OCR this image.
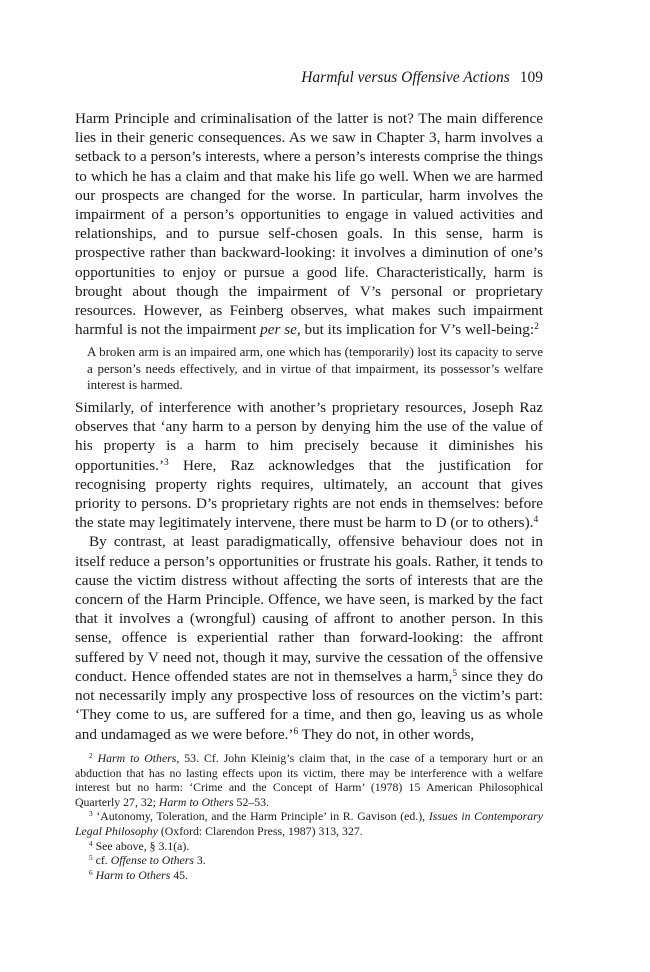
Harmful versus Offensive Actions 109

Harm Principle and criminalisation of the latter is not? The main difference lies in their generic consequences. As we saw in Chapter 3, harm involves a setback to a person’s interests, where a person’s interests comprise the things to which he has a claim and that make his life go well. When we are harmed our prospects are changed for the worse. In particular, harm involves the impairment of a person’s opportunities to engage in valued activities and relationships, and to pursue self-chosen goals. In this sense, harm is prospective rather than backward-looking: it involves a diminution of one’s opportunities to enjoy or pursue a good life. Characteristically, harm is brought about though the impairment of V’s personal or proprietary resources. However, as Feinberg observes, what makes such impairment harmful is not the impairment per se, but its implication for V’s well-being:$^2$

A broken arm is an impaired arm, one which has (temporarily) lost its capacity to serve a person’s needs effectively, and in virtue of that impairment, its possessor’s welfare interest is harmed.

Similarly, of interference with another’s proprietary resources, Joseph Raz observes that ‘any harm to a person by denying him the use of the value of his property is a harm to him precisely because it diminishes his opportunities.’$^3$ Here, Raz acknowledges that the justification for recognising property rights requires, ultimately, an account that gives priority to persons. D’s proprietary rights are not ends in themselves: before the state may legitimately intervene, there must be harm to D (or to others).$^4$

By contrast, at least paradigmatically, offensive behaviour does not in itself reduce a person’s opportunities or frustrate his goals. Rather, it tends to cause the victim distress without affecting the sorts of interests that are the concern of the Harm Principle. Offence, we have seen, is marked by the fact that it involves a (wrongful) causing of affront to another person. In this sense, offence is experiential rather than forward-looking: the affront suffered by V need not, though it may, survive the cessation of the offensive conduct. Hence offended states are not in themselves a harm,$^5$ since they do not necessarily imply any prospective loss of resources on the victim’s part: ‘They come to us, are suffered for a time, and then go, leaving us as whole and undamaged as we were before.’$^6$ They do not, in other words,

$^2$ Harm to Others, 53. Cf. John Kleinig’s claim that, in the case of a temporary hurt or an abduction that has no lasting effects upon its victim, there may be interference with a welfare interest but no harm: ‘Crime and the Concept of Harm’ (1978) 15 American Philosophical Quarterly 27, 32; Harm to Others 52–53.

$^3$ ‘Autonomy, Toleration, and the Harm Principle’ in R. Gavison (ed.), Issues in Contemporary Legal Philosophy (Oxford: Clarendon Press, 1987) 313, 327.

$^4$ See above, § 3.1(a).

$^5$ cf. Offense to Others 3.

$^6$ Harm to Others 45.
